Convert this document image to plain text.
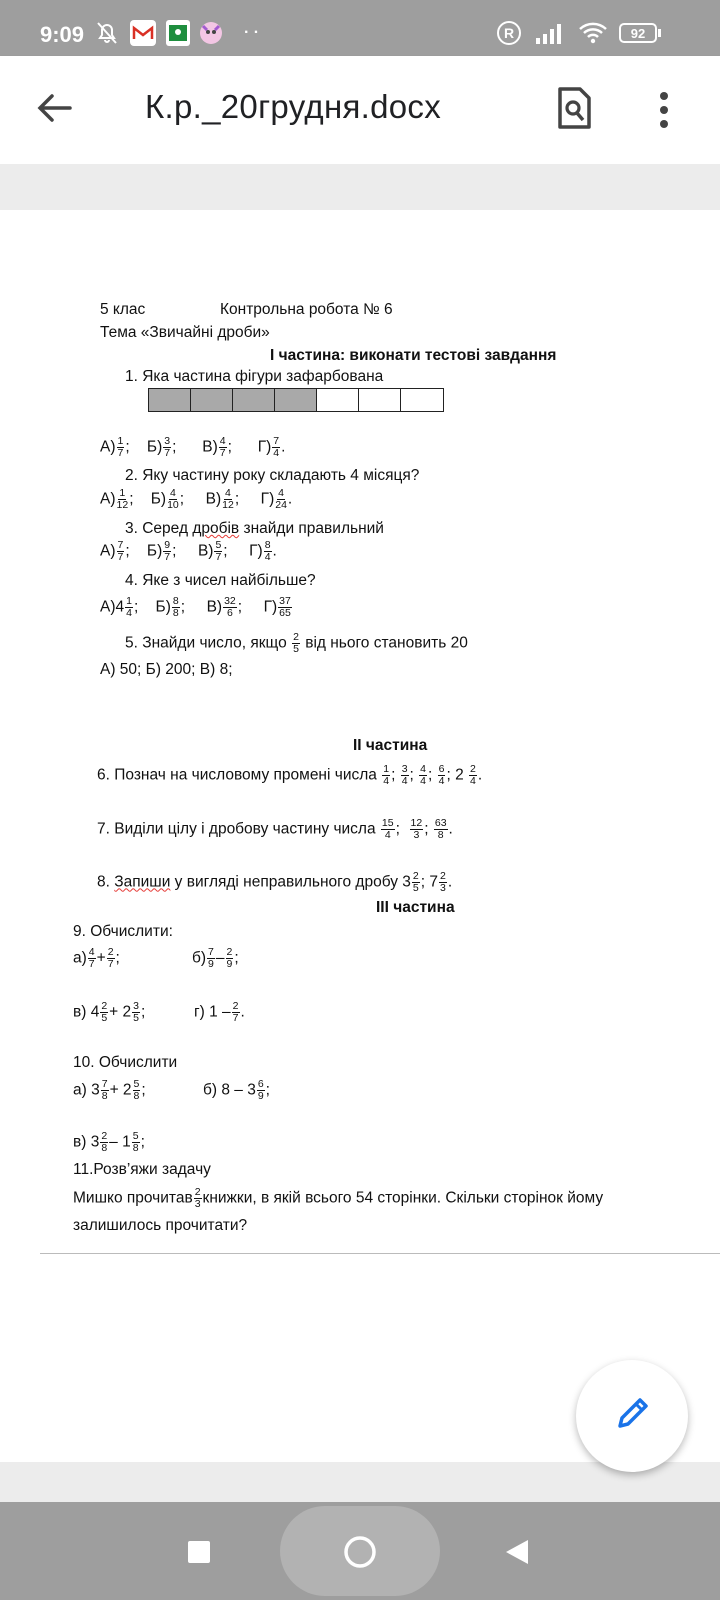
9:09	· ·	R	92
К.р._20грудня.docx
5 клас	Контрольна робота № 6
Тема «Звичайні дроби»
І частина: виконати тестові завдання
1. Яка частина фігури зафарбована
$А) \frac{1}{7}$ ; $Б) \frac{3}{7}$ ; $В) \frac{4}{7}$ ; $Г) \frac{7}{4}$ .
2. Яку частину року складають 4 місяця?
$А) \frac{1}{12}$ ; $Б) \frac{4}{10}$ ; $В) \frac{4}{12}$ ; $Г) \frac{4}{24}$ .
3. Серед дробів знайди правильний
$А) \frac{7}{7}$ ; $Б) \frac{9}{7}$ ; $В) \frac{5}{7}$ ; $Г) \frac{8}{4}$ .
4. Яке з чисел найбільше?
$А)4 \frac{1}{4}$ ; $Б) \frac{8}{8}$ ; $В) \frac{32}{6}$ ; $Г) \frac{37}{65}$
5. Знайди число, якщо $\frac{2}{5}$ від нього становить 20
А) 50; Б) 200; В) 8;
ІІ частина
6. Познач на числовому промені числа $\frac{1}{4}$ ; $\frac{3}{4}$ ; $\frac{4}{4}$ ; $\frac{6}{4}$ ; $2 \frac{2}{4}$ .
7. Виділи цілу і дробову частину числа $\frac{15}{4}$ ; $\frac{12}{3}$ ; $\frac{63}{8}$ .
8. Запиши у вигляді неправильного дробу $3 \frac{2}{5}$ ; $7 \frac{2}{3}$ .
ІІІ частина
9. Обчислити:
$а) \frac{4}{7} + \frac{2}{7}$ ;	$б) \frac{7}{9} - \frac{2}{9}$ ;
в) $4 \frac{2}{5} + 2 \frac{3}{5}$ ;	г) $1 - \frac{2}{7}$ .
10. Обчислити
а) $3 \frac{7}{8} + 2 \frac{5}{8}$ ;	б) $8 - 3 \frac{6}{9}$ ;
в) $3 \frac{2}{8} - 1 \frac{5}{8}$ ;
11.Розв’яжи задачу
Мишко прочитав $\frac{2}{3}$ книжки, в якій всього 54 сторінки. Скільки сторінок йому
залишилось прочитати?
